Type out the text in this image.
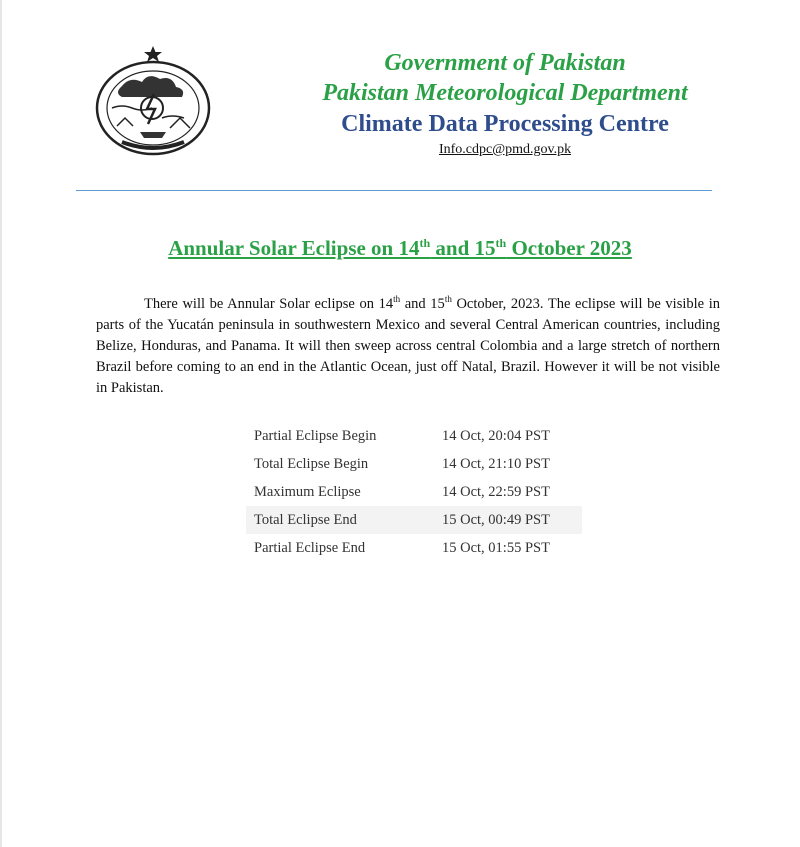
Government of Pakistan
Pakistan Meteorological Department
Climate Data Processing Centre
Info.cdpc@pmd.gov.pk
Annular Solar Eclipse on 14th and 15th October 2023
There will be Annular Solar eclipse on 14th and 15th October, 2023. The eclipse will be visible in parts of the Yucatán peninsula in southwestern Mexico and several Central American countries, including Belize, Honduras, and Panama. It will then sweep across central Colombia and a large stretch of northern Brazil before coming to an end in the Atlantic Ocean, just off Natal, Brazil. However it will be not visible in Pakistan.
Partial Eclipse Begin	14 Oct, 20:04 PST
Total Eclipse Begin	14 Oct, 21:10 PST
Maximum Eclipse	14 Oct, 22:59 PST
Total Eclipse End	15 Oct, 00:49 PST
Partial Eclipse End	15 Oct, 01:55 PST
